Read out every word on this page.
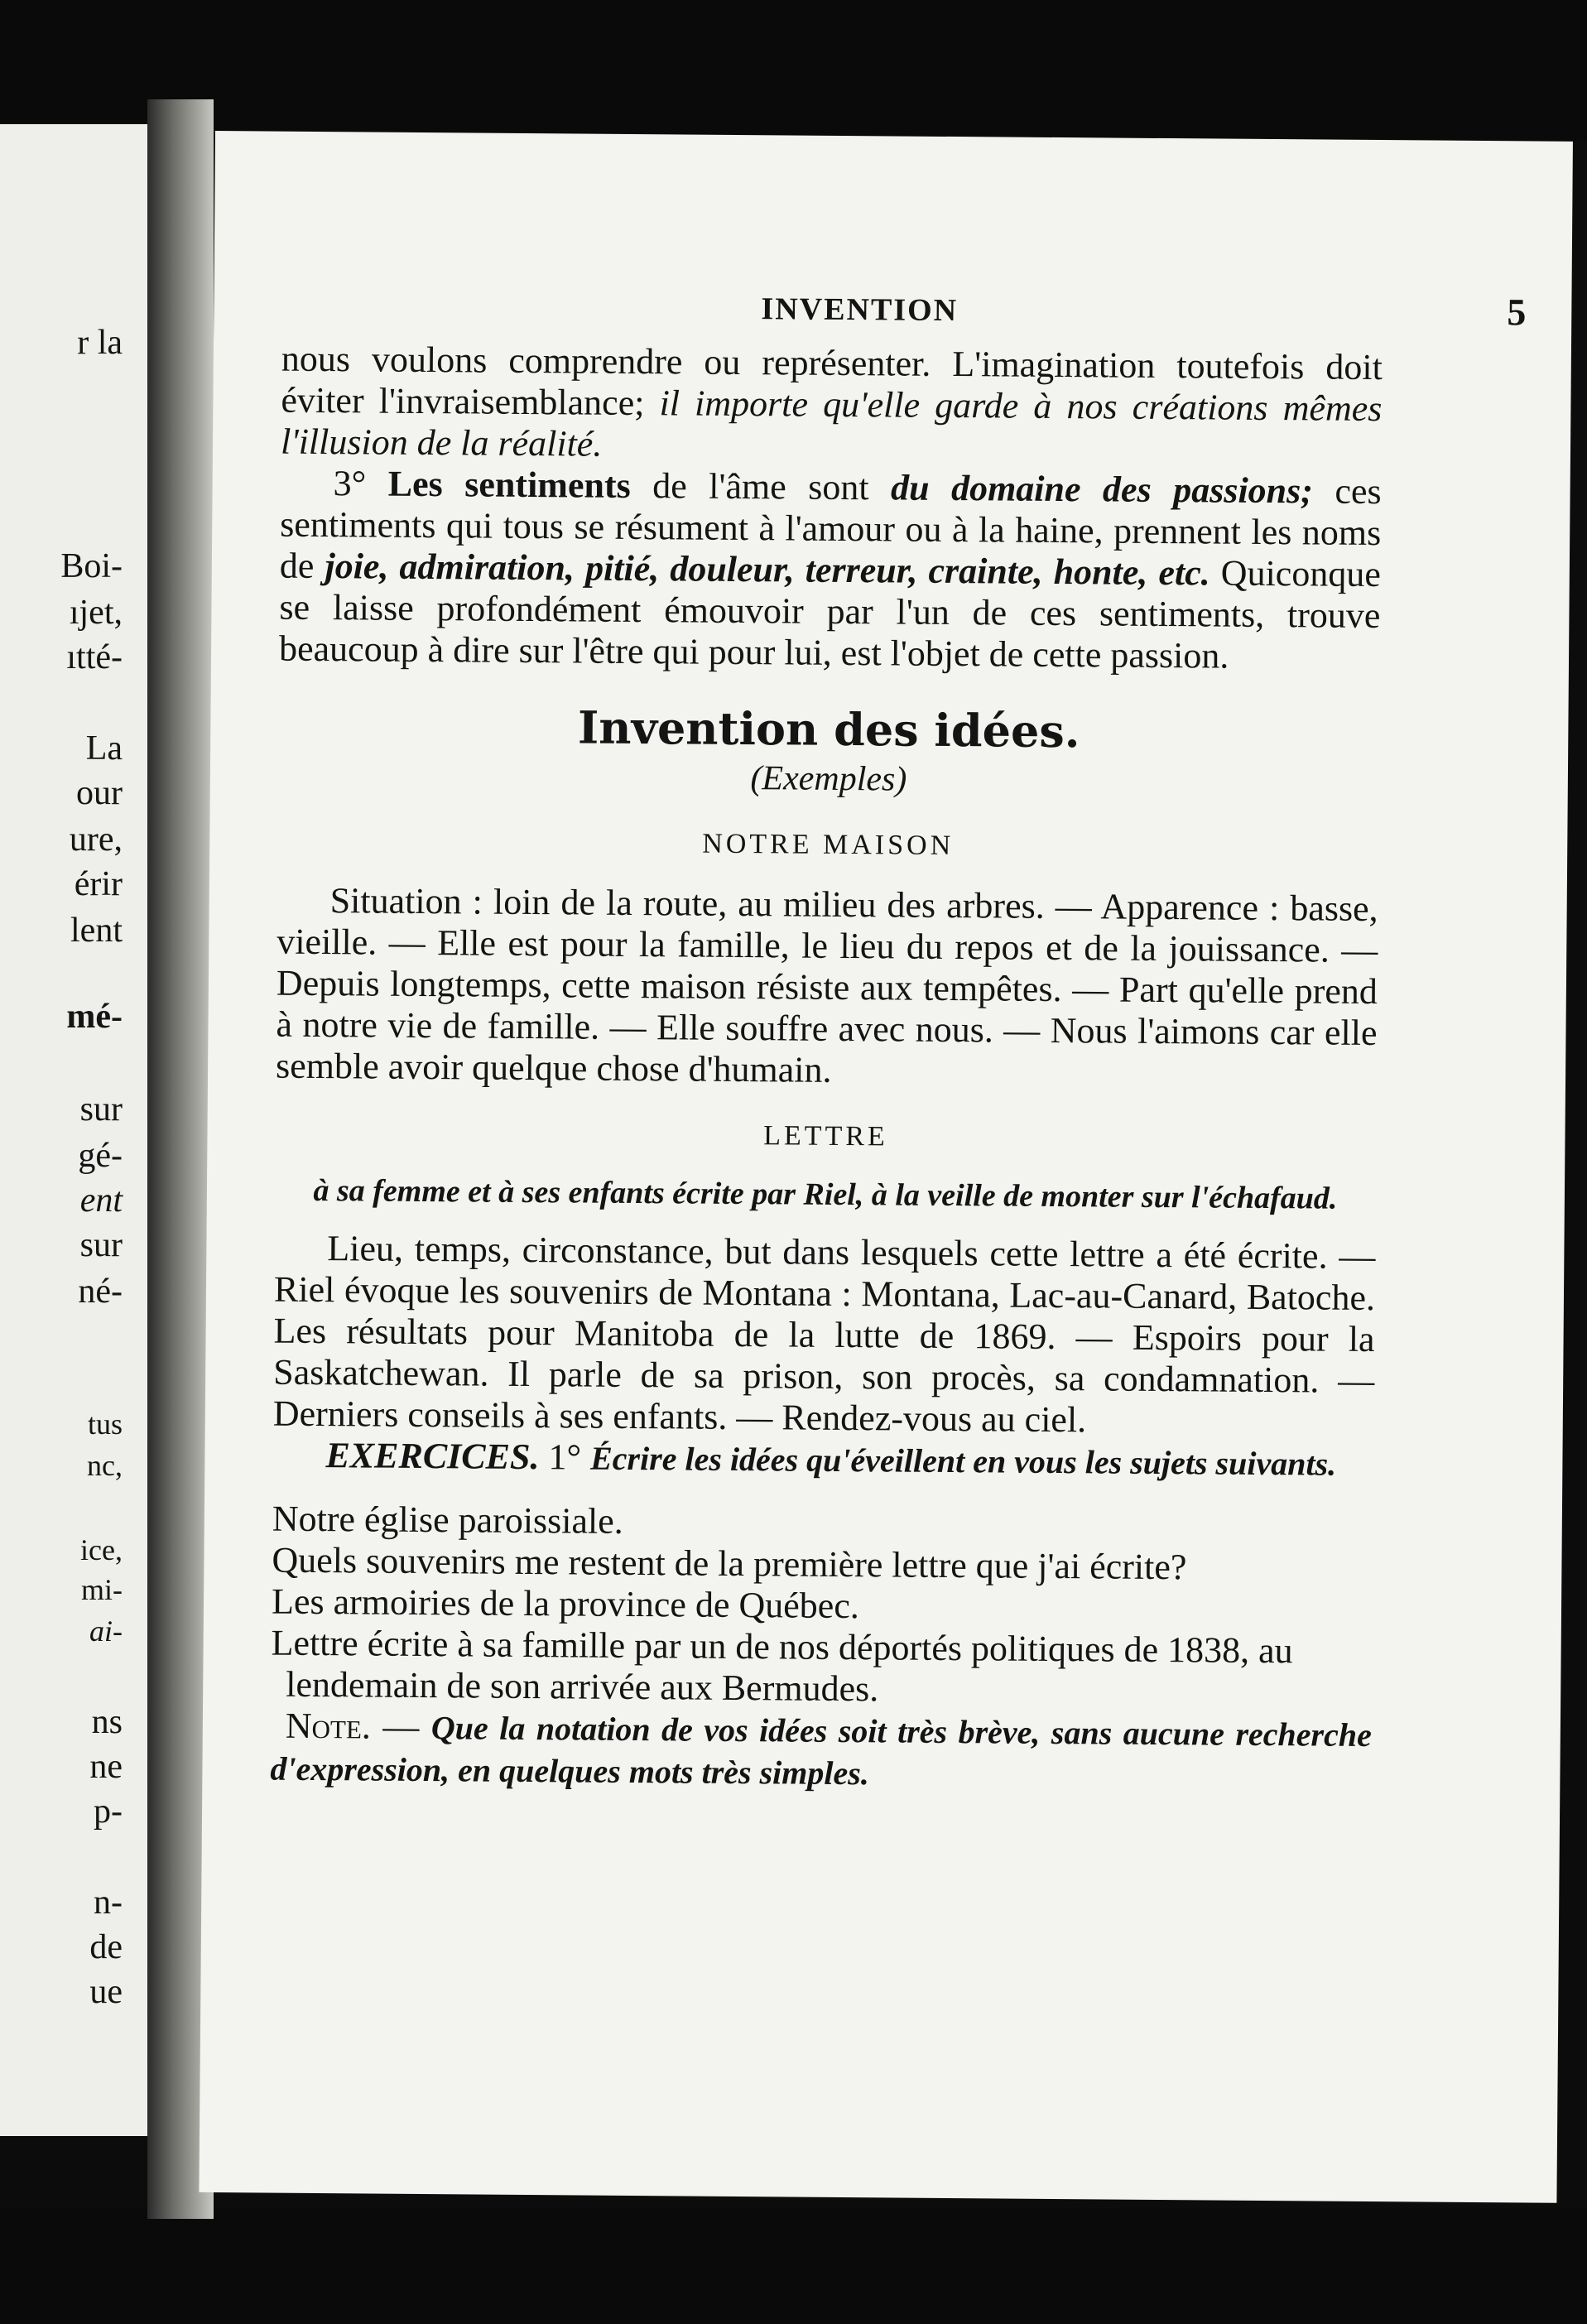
r la
Boi-
ıjet,
ıtté-
La
our
ure,
érir
lent
mé-
sur
gé-
ent
sur
né-
tus
nc,
ice,
mi-
ai-
ns
ne
p-
n-
de
ue
INVENTION	5

nous voulons comprendre ou représenter. L'imagination toutefois doit éviter l'invraisemblance; il importe qu'elle garde à nos créations mêmes l'illusion de la réalité.

3° Les sentiments de l'âme sont du domaine des passions; ces sentiments qui tous se résument à l'amour ou à la haine, prennent les noms de joie, admiration, pitié, douleur, terreur, crainte, honte, etc. Quiconque se laisse profondément émouvoir par l'un de ces sentiments, trouve beaucoup à dire sur l'être qui pour lui, est l'objet de cette passion.

Invention des idées.
(Exemples)
NOTRE MAISON

Situation : loin de la route, au milieu des arbres. — Apparence : basse, vieille. — Elle est pour la famille, le lieu du repos et de la jouissance. — Depuis longtemps, cette maison résiste aux tempêtes. — Part qu'elle prend à notre vie de famille. — Elle souffre avec nous. — Nous l'aimons car elle semble avoir quelque chose d'humain.

LETTRE
à sa femme et à ses enfants écrite par Riel, à la veille de monter sur l'échafaud.

Lieu, temps, circonstance, but dans lesquels cette lettre a été écrite. — Riel évoque les souvenirs de Montana : Montana, Lac-au-Canard, Batoche. Les résultats pour Manitoba de la lutte de 1869. — Espoirs pour la Saskatchewan. Il parle de sa prison, son procès, sa condamnation. — Derniers conseils à ses enfants. — Rendez-vous au ciel.

EXERCICES. 1° Écrire les idées qu'éveillent en vous les sujets suivants.

Notre église paroissiale.
Quels souvenirs me restent de la première lettre que j'ai écrite?
Les armoiries de la province de Québec.
Lettre écrite à sa famille par un de nos déportés politiques de 1838, au lendemain de son arrivée aux Bermudes.

Note. — Que la notation de vos idées soit très brève, sans aucune recherche d'expression, en quelques mots très simples.
